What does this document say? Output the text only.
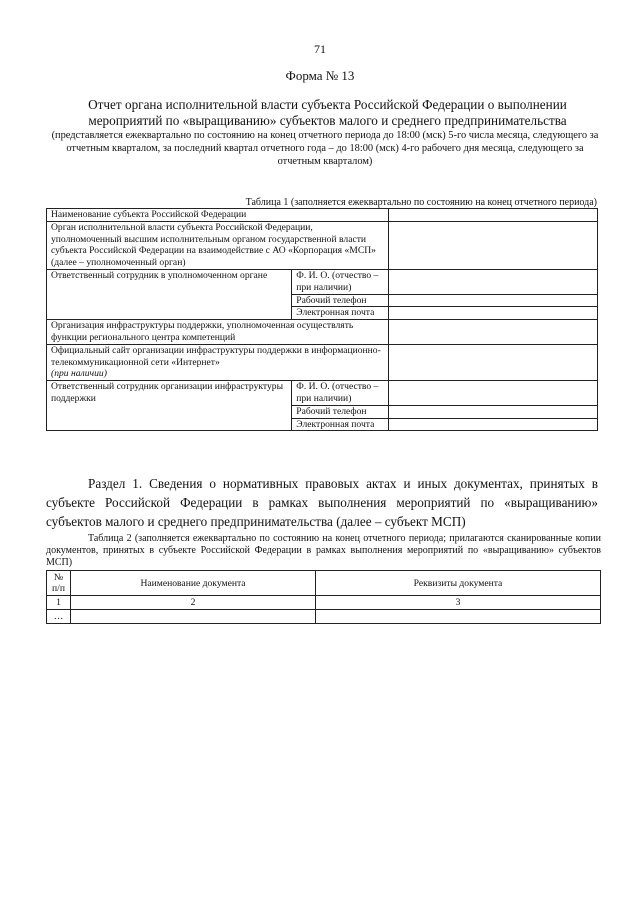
71
Форма № 13
Отчет органа исполнительной власти субъекта Российской Федерации о выполнении мероприятий по «выращиванию» субъектов малого и среднего предпринимательства
(представляется ежеквартально по состоянию на конец отчетного периода до 18:00 (мск) 5-го числа месяца, следующего за отчетным кварталом, за последний квартал отчетного года – до 18:00 (мск) 4-го рабочего дня месяца, следующего за отчетным кварталом)
Таблица 1 (заполняется ежеквартально по состоянию на конец отчетного периода)
Наименование субъекта Российской Федерации		
Орган исполнительной власти субъекта Российской Федерации, уполномоченный высшим исполнительным органом государственной власти субъекта Российской Федерации на взаимодействие с АО «Корпорация «МСП» (далее – уполномоченный орган)		
Ответственный сотрудник в уполномоченном органе	Ф. И. О. (отчество – при наличии)	
	Рабочий телефон	
	Электронная почта	
Организация инфраструктуры поддержки, уполномоченная осуществлять функции регионального центра компетенций		
Официальный сайт организации инфраструктуры поддержки в информационно-телекоммуникационной сети «Интернет»
(при наличии)		
Ответственный сотрудник организации инфраструктуры поддержки	Ф. И. О. (отчество – при наличии)	
	Рабочий телефон	
	Электронная почта	
Раздел 1. Сведения о нормативных правовых актах и иных документах, принятых в субъекте Российской Федерации в рамках выполнения мероприятий по «выращиванию» субъектов малого и среднего предпринимательства (далее – субъект МСП)
Таблица 2 (заполняется ежеквартально по состоянию на конец отчетного периода; прилагаются сканированные копии документов, принятых в субъекте Российской Федерации в рамках выполнения мероприятий по «выращиванию» субъектов МСП)
№ п/п	Наименование документа	Реквизиты документа
1	2	3
…		
